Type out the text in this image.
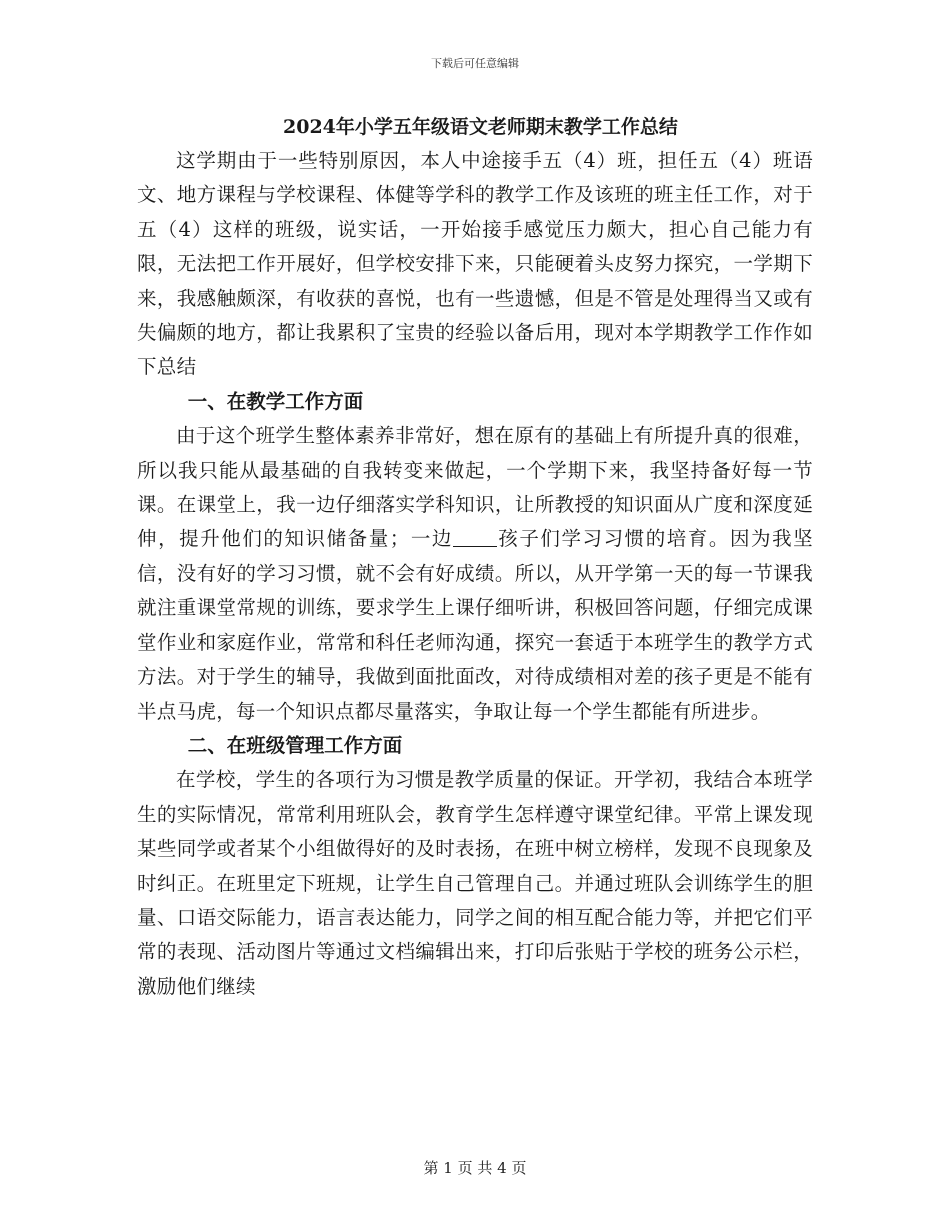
下载后可任意编辑
2024年小学五年级语文老师期末教学工作总结

这学期由于一些特别原因，本人中途接手五（4）班，担任五（4）班语文、地方课程与学校课程、体健等学科的教学工作及该班的班主任工作，对于五（4）这样的班级，说实话，一开始接手感觉压力颇大，担心自己能力有限，无法把工作开展好，但学校安排下来，只能硬着头皮努力探究，一学期下来，我感触颇深，有收获的喜悦，也有一些遗憾，但是不管是处理得当又或有失偏颇的地方，都让我累积了宝贵的经验以备后用，现对本学期教学工作作如下总结

一、在教学工作方面

由于这个班学生整体素养非常好，想在原有的基础上有所提升真的很难，所以我只能从最基础的自我转变来做起，一个学期下来，我坚持备好每一节课。在课堂上，我一边仔细落实学科知识，让所教授的知识面从广度和深度延伸，提升他们的知识储备量；一边 孩子们学习习惯的培育。因为我坚信，没有好的学习习惯，就不会有好成绩。所以，从开学第一天的每一节课我就注重课堂常规的训练，要求学生上课仔细听讲，积极回答问题，仔细完成课堂作业和家庭作业，常常和科任老师沟通，探究一套适于本班学生的教学方式方法。对于学生的辅导，我做到面批面改，对待成绩相对差的孩子更是不能有半点马虎，每一个知识点都尽量落实，争取让每一个学生都能有所进步。

二、在班级管理工作方面

在学校，学生的各项行为习惯是教学质量的保证。开学初，我结合本班学生的实际情况，常常利用班队会，教育学生怎样遵守课堂纪律。平常上课发现某些同学或者某个小组做得好的及时表扬，在班中树立榜样，发现不良现象及时纠正。在班里定下班规，让学生自己管理自己。并通过班队会训练学生的胆量、口语交际能力，语言表达能力，同学之间的相互配合能力等，并把它们平常的表现、活动图片等通过文档编辑出来，打印后张贴于学校的班务公示栏，激励他们继续

第 1 页 共 4 页
